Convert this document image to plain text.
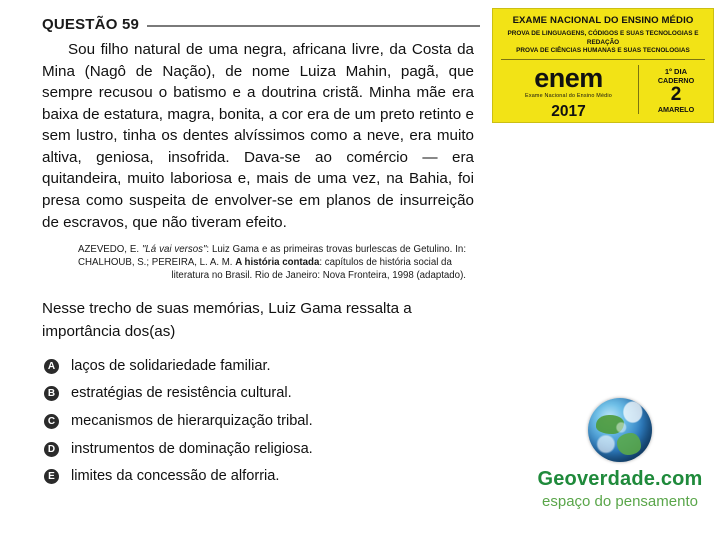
QUESTÃO 59

Sou filho natural de uma negra, africana livre, da Costa da Mina (Nagô de Nação), de nome Luiza Mahin, pagã, que sempre recusou o batismo e a doutrina cristã. Minha mãe era baixa de estatura, magra, bonita, a cor era de um preto retinto e sem lustro, tinha os dentes alvíssimos como a neve, era muito altiva, geniosa, insofrida. Dava-se ao comércio — era quitandeira, muito laboriosa e, mais de uma vez, na Bahia, foi presa como suspeita de envolver-se em planos de insurreição de escravos, que não tiveram efeito.

AZEVEDO, E. "Lá vai versos": Luiz Gama e as primeiras trovas burlescas de Getulino. In: CHALHOUB, S.; PEREIRA, L. A. M. A história contada: capítulos de história social da
literatura no Brasil. Rio de Janeiro: Nova Fronteira, 1998 (adaptado).

Nesse trecho de suas memórias, Luiz Gama ressalta a importância dos(as)

A laços de solidariedade familiar.
B estratégias de resistência cultural.
C mecanismos de hierarquização tribal.
D instrumentos de dominação religiosa.
E limites da concessão de alforria.
EXAME NACIONAL DO ENSINO MÉDIO
PROVA DE LINGUAGENS, CÓDIGOS E SUAS TECNOLOGIAS E REDAÇÃO
PROVA DE CIÊNCIAS HUMANAS E SUAS TECNOLOGIAS
enem
Exame Nacional do Ensino Médio
2017
1º DIA
CADERNO
2
AMARELO
Geoverdade.com
espaço do pensamento
